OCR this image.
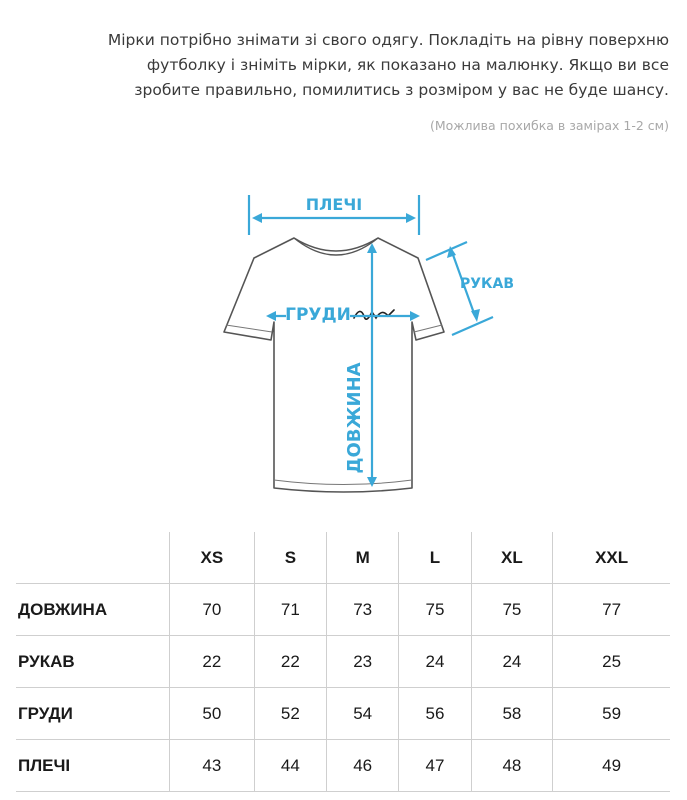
Мірки потрібно знімати зі свого одягу. Покладіть на рівну поверхню

футболку і зніміть мірки, як показано на малюнку. Якщо ви все

зробите правильно, помилитись з розміром у вас не буде шансу.

(Можлива похибка в замірах 1-2 см)
ПЛЕЧІ
РУКАВ
ГРУДИ
ДОВЖИНА
	XS	S	M	L	XL	XXL
ДОВЖИНА	70	71	73	75	75	77
РУКАВ	22	22	23	24	24	25
ГРУДИ	50	52	54	56	58	59
ПЛЕЧІ	43	44	46	47	48	49
